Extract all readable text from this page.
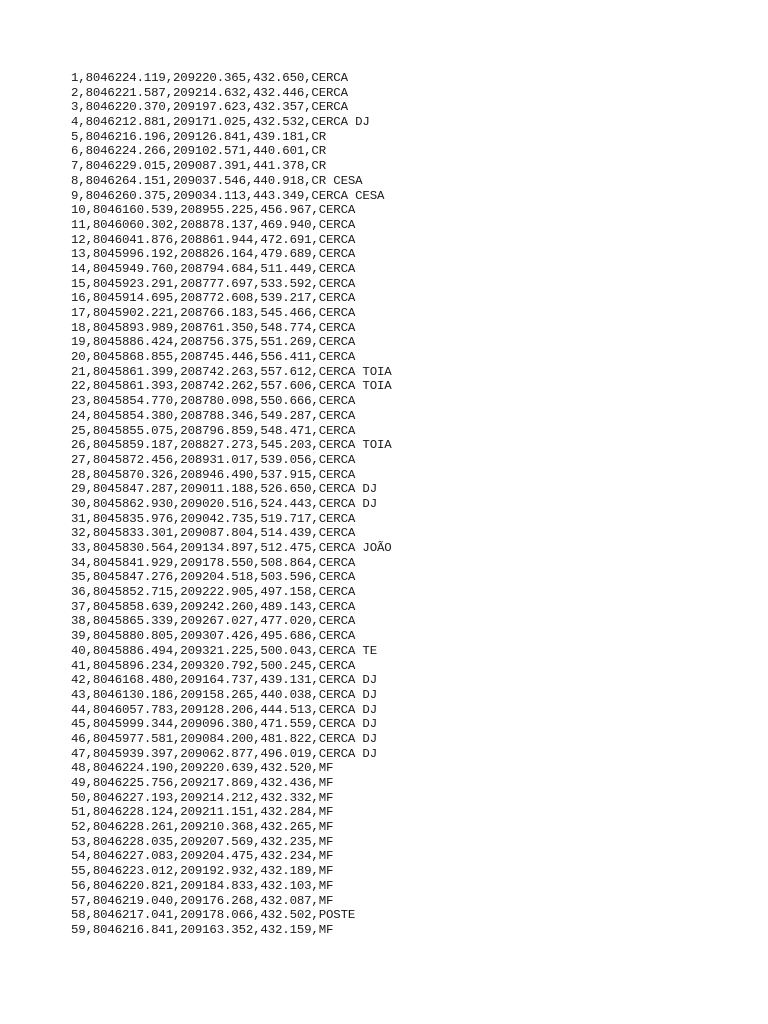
1,8046224.119,209220.365,432.650,CERCA
2,8046221.587,209214.632,432.446,CERCA
3,8046220.370,209197.623,432.357,CERCA
4,8046212.881,209171.025,432.532,CERCA DJ
5,8046216.196,209126.841,439.181,CR
6,8046224.266,209102.571,440.601,CR
7,8046229.015,209087.391,441.378,CR
8,8046264.151,209037.546,440.918,CR CESA
9,8046260.375,209034.113,443.349,CERCA CESA
10,8046160.539,208955.225,456.967,CERCA
11,8046060.302,208878.137,469.940,CERCA
12,8046041.876,208861.944,472.691,CERCA
13,8045996.192,208826.164,479.689,CERCA
14,8045949.760,208794.684,511.449,CERCA
15,8045923.291,208777.697,533.592,CERCA
16,8045914.695,208772.608,539.217,CERCA
17,8045902.221,208766.183,545.466,CERCA
18,8045893.989,208761.350,548.774,CERCA
19,8045886.424,208756.375,551.269,CERCA
20,8045868.855,208745.446,556.411,CERCA
21,8045861.399,208742.263,557.612,CERCA TOIA
22,8045861.393,208742.262,557.606,CERCA TOIA
23,8045854.770,208780.098,550.666,CERCA
24,8045854.380,208788.346,549.287,CERCA
25,8045855.075,208796.859,548.471,CERCA
26,8045859.187,208827.273,545.203,CERCA TOIA
27,8045872.456,208931.017,539.056,CERCA
28,8045870.326,208946.490,537.915,CERCA
29,8045847.287,209011.188,526.650,CERCA DJ
30,8045862.930,209020.516,524.443,CERCA DJ
31,8045835.976,209042.735,519.717,CERCA
32,8045833.301,209087.804,514.439,CERCA
33,8045830.564,209134.897,512.475,CERCA JOÃO
34,8045841.929,209178.550,508.864,CERCA
35,8045847.276,209204.518,503.596,CERCA
36,8045852.715,209222.905,497.158,CERCA
37,8045858.639,209242.260,489.143,CERCA
38,8045865.339,209267.027,477.020,CERCA
39,8045880.805,209307.426,495.686,CERCA
40,8045886.494,209321.225,500.043,CERCA TE
41,8045896.234,209320.792,500.245,CERCA
42,8046168.480,209164.737,439.131,CERCA DJ
43,8046130.186,209158.265,440.038,CERCA DJ
44,8046057.783,209128.206,444.513,CERCA DJ
45,8045999.344,209096.380,471.559,CERCA DJ
46,8045977.581,209084.200,481.822,CERCA DJ
47,8045939.397,209062.877,496.019,CERCA DJ
48,8046224.190,209220.639,432.520,MF
49,8046225.756,209217.869,432.436,MF
50,8046227.193,209214.212,432.332,MF
51,8046228.124,209211.151,432.284,MF
52,8046228.261,209210.368,432.265,MF
53,8046228.035,209207.569,432.235,MF
54,8046227.083,209204.475,432.234,MF
55,8046223.012,209192.932,432.189,MF
56,8046220.821,209184.833,432.103,MF
57,8046219.040,209176.268,432.087,MF
58,8046217.041,209178.066,432.502,POSTE
59,8046216.841,209163.352,432.159,MF
